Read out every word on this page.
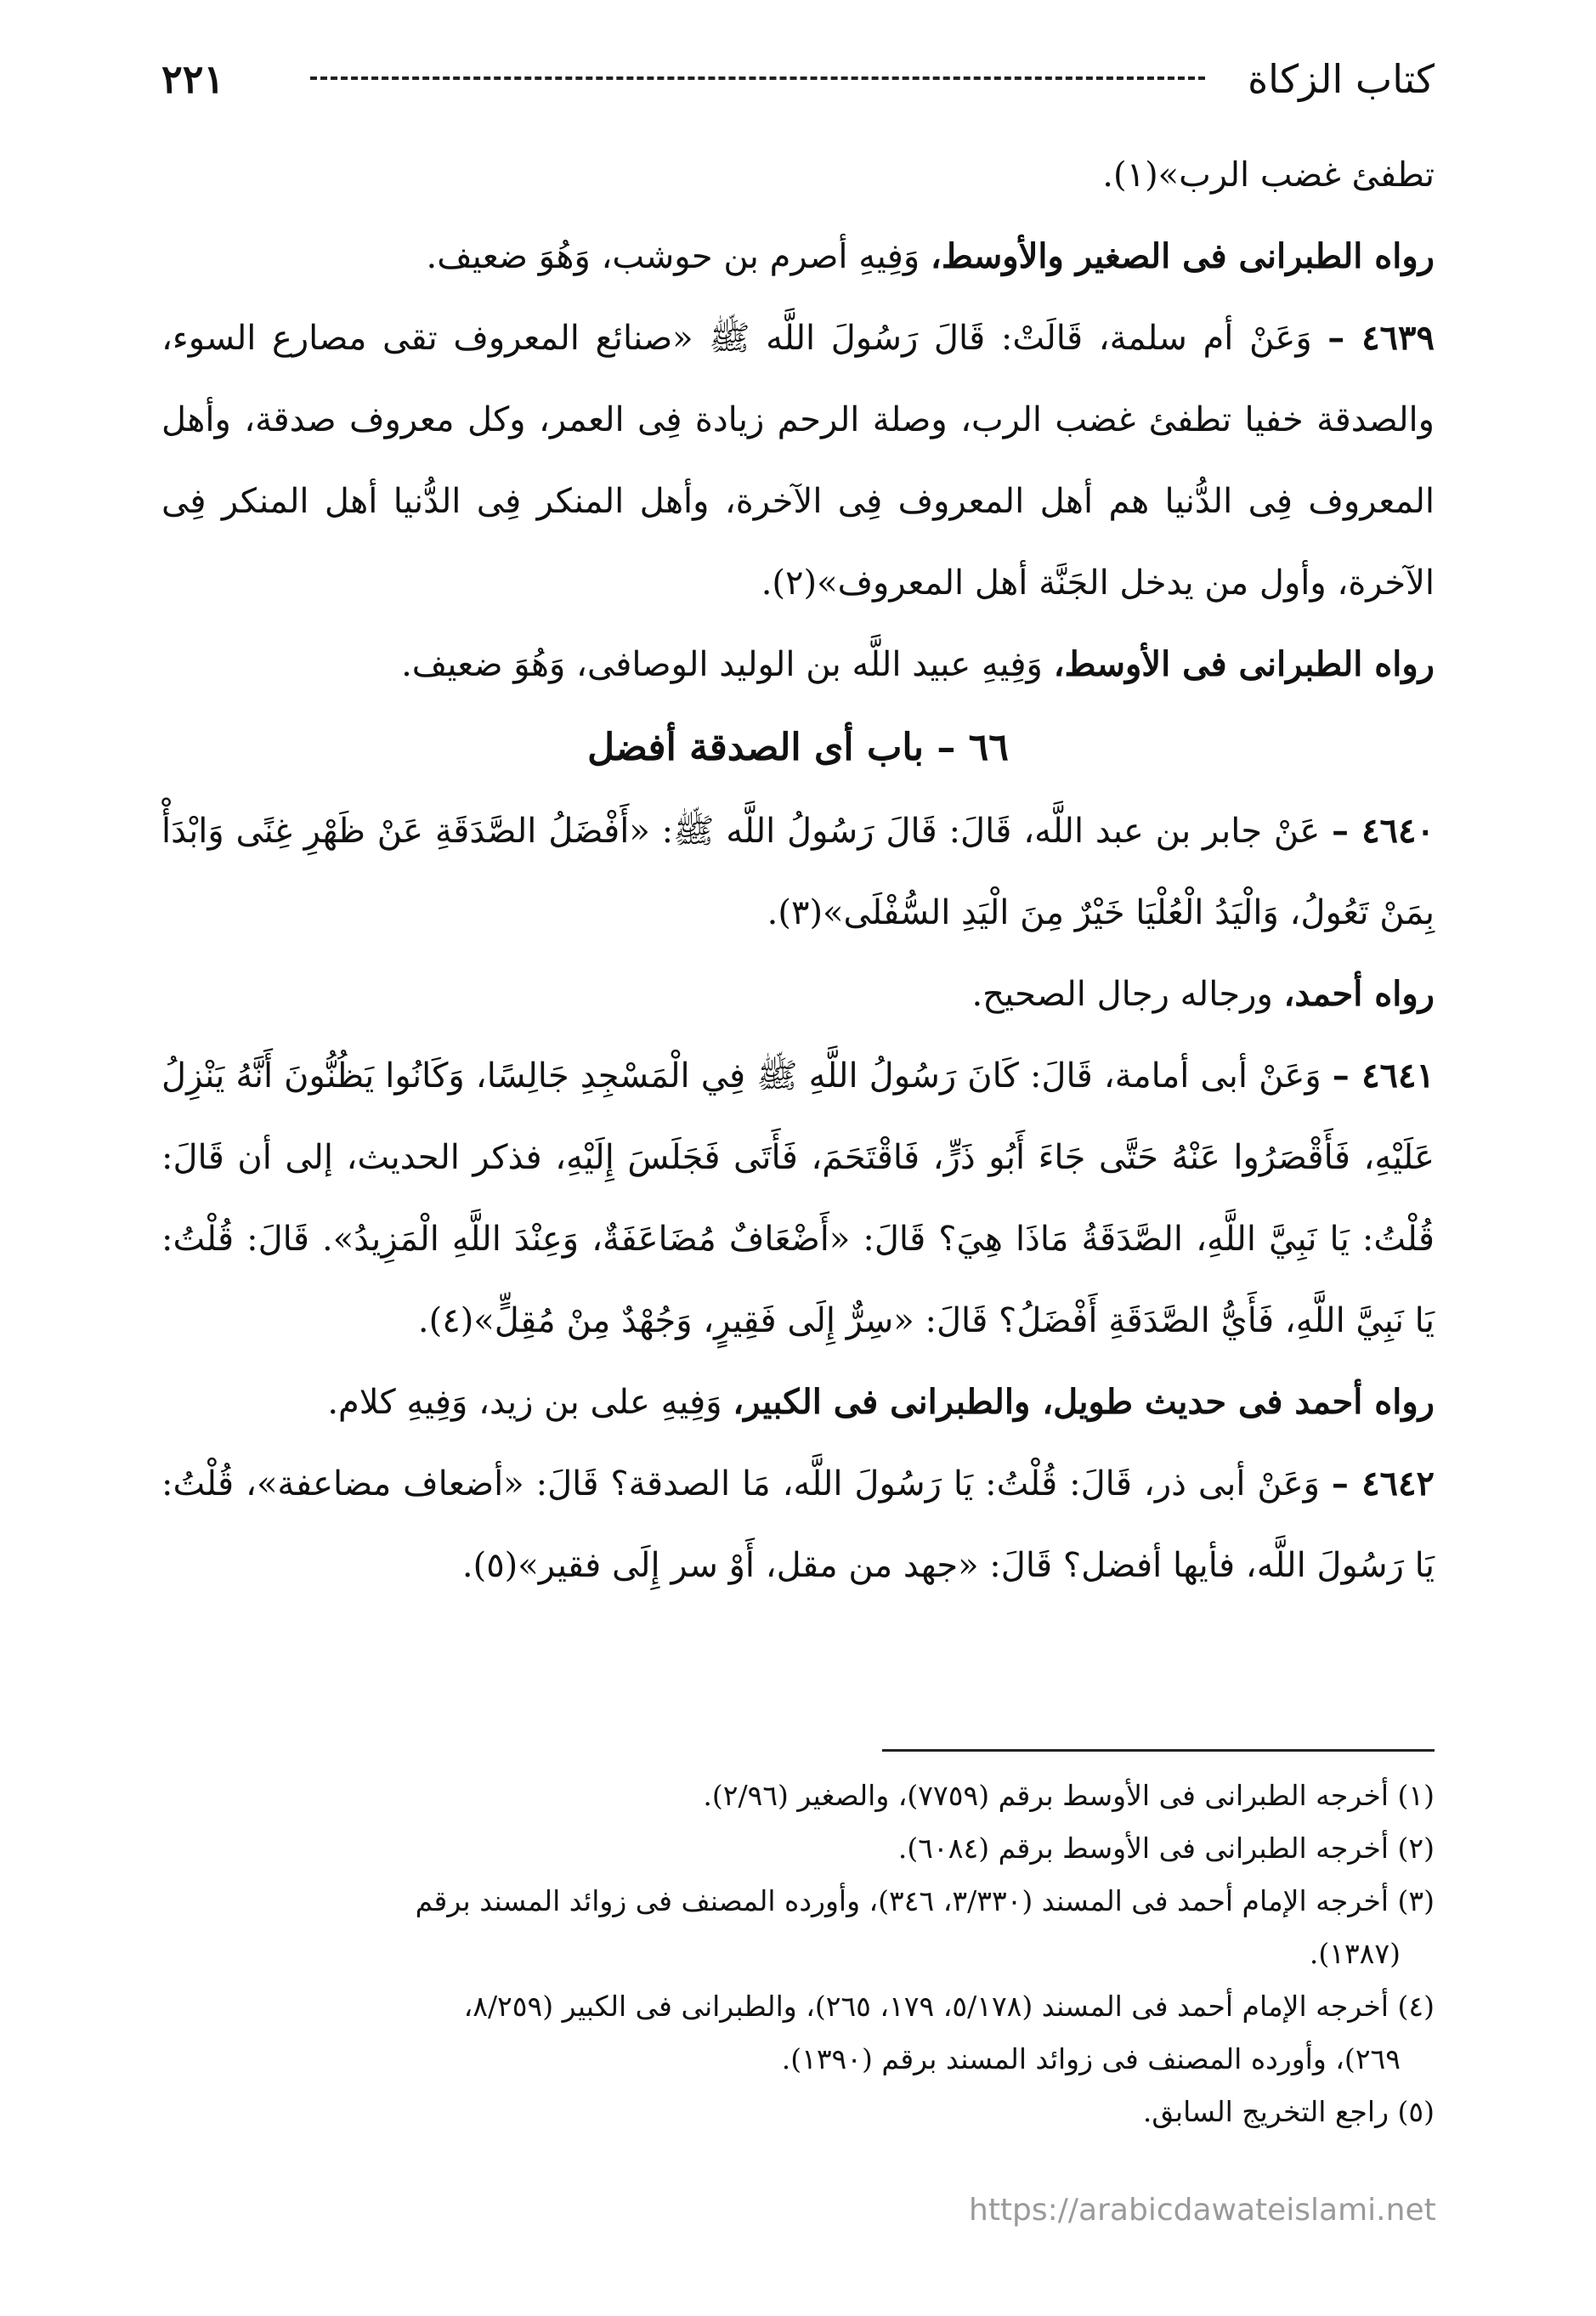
كتاب الزكاة
٢٢١

تطفئ غضب الرب»(١).

رواه الطبرانى فى الصغير والأوسط، وَفِيهِ أصرم بن حوشب، وَهُوَ ضعيف.

٤٦٣٩ – وَعَنْ أم سلمة، قَالَتْ: قَالَ رَسُولَ اللَّه ﷺ «صنائع المعروف تقى مصارع السوء، والصدقة خفيا تطفئ غضب الرب، وصلة الرحم زيادة فِى العمر، وكل معروف صدقة، وأهل المعروف فِى الدُّنيا هم أهل المعروف فِى الآخرة، وأهل المنكر فِى الدُّنيا أهل المنكر فِى الآخرة، وأول من يدخل الجَنَّة أهل المعروف»(٢).

رواه الطبرانى فى الأوسط، وَفِيهِ عبيد اللَّه بن الوليد الوصافى، وَهُوَ ضعيف.

٦٦ – باب أى الصدقة أفضل

٤٦٤٠ – عَنْ جابر بن عبد اللَّه، قَالَ: قَالَ رَسُولُ اللَّه ﷺ: «أَفْضَلُ الصَّدَقَةِ عَنْ ظَهْرِ غِنًى وَابْدَأْ بِمَنْ تَعُولُ، وَالْيَدُ الْعُلْيَا خَيْرٌ مِنَ الْيَدِ السُّفْلَى»(٣).

رواه أحمد، ورجاله رجال الصحيح.

٤٦٤١ – وَعَنْ أبى أمامة، قَالَ: كَانَ رَسُولُ اللَّهِ ﷺ فِي الْمَسْجِدِ جَالِسًا، وَكَانُوا يَظُنُّونَ أَنَّهُ يَنْزِلُ عَلَيْهِ، فَأَقْصَرُوا عَنْهُ حَتَّى جَاءَ أَبُو ذَرٍّ، فَاقْتَحَمَ، فَأَتَى فَجَلَسَ إِلَيْهِ، فذكر الحديث، إلى أن قَالَ: قُلْتُ: يَا نَبِيَّ اللَّهِ، الصَّدَقَةُ مَاذَا هِيَ؟ قَالَ: «أَضْعَافٌ مُضَاعَفَةٌ، وَعِنْدَ اللَّهِ الْمَزِيدُ». قَالَ: قُلْتُ: يَا نَبِيَّ اللَّهِ، فَأَيُّ الصَّدَقَةِ أَفْضَلُ؟ قَالَ: «سِرٌّ إِلَى فَقِيرٍ، وَجُهْدٌ مِنْ مُقِلٍّ»(٤).

رواه أحمد فى حديث طويل، والطبرانى فى الكبير، وَفِيهِ على بن زيد، وَفِيهِ كلام.

٤٦٤٢ – وَعَنْ أبى ذر، قَالَ: قُلْتُ: يَا رَسُولَ اللَّه، مَا الصدقة؟ قَالَ: «أضعاف مضاعفة»، قُلْتُ: يَا رَسُولَ اللَّه، فأيها أفضل؟ قَالَ: «جهد من مقل، أَوْ سر إِلَى فقير»(٥).

(١) أخرجه الطبرانى فى الأوسط برقم (٧٧٥٩)، والصغير (٢/٩٦).

(٢) أخرجه الطبرانى فى الأوسط برقم (٦٠٨٤).

(٣) أخرجه الإمام أحمد فى المسند (٣/٣٣٠، ٣٤٦)، وأورده المصنف فى زوائد المسند برقم
(١٣٨٧).

(٤) أخرجه الإمام أحمد فى المسند (٥/١٧٨، ١٧٩، ٢٦٥)، والطبرانى فى الكبير (٨/٢٥٩،
٢٦٩)، وأورده المصنف فى زوائد المسند برقم (١٣٩٠).

(٥) راجع التخريج السابق.

https://arabicdawateislami.net
